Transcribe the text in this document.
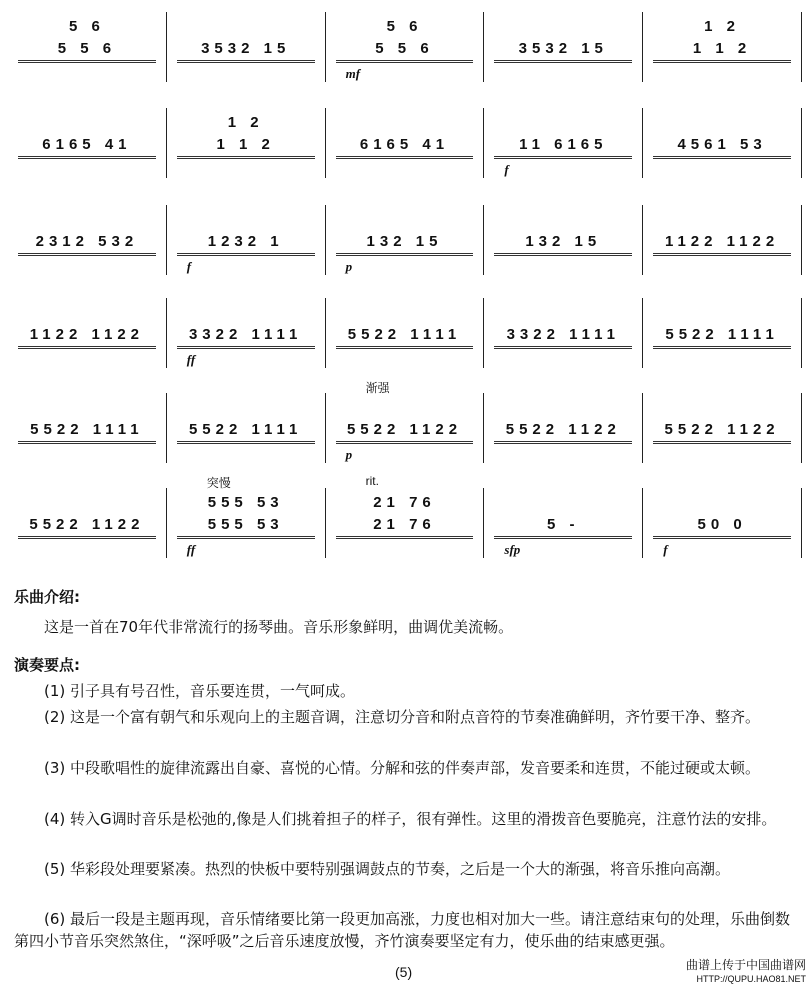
5 6
5 5 6	3532 15
5 6
5 5 6
mf
3532 15
1 2
1 1 2
6165 41
1 2
1 1 2	6165 41	11 6165
f
4561 53
2312 532	1232 1
f
132 15
p
132 15	1122 1122
1122 1122	3322 1111
ff
5522 1111	3322 1111	5522 1111
5522 1111	5522 1111	5522 1122
p
渐强
5522 1122	5522 1122
5522 1122
555 53
555 53
ff
突慢
21 76
21 76
rit.
5 -
sfp
50 0
f
乐曲介绍:
这是一首在70年代非常流行的扬琴曲。音乐形象鲜明，曲调优美流畅。
演奏要点:
(1) 引子具有号召性，音乐要连贯，一气呵成。
(2) 这是一个富有朝气和乐观向上的主题音调，注意切分音和附点音符的节奏准确鲜明，齐竹要干净、整齐。
(3) 中段歌唱性的旋律流露出自豪、喜悦的心情。分解和弦的伴奏声部，发音要柔和连贯，不能过硬或太顿。
(4) 转入G调时音乐是松弛的,像是人们挑着担子的样子，很有弹性。这里的滑拨音色要脆亮，注意竹法的安排。
(5) 华彩段处理要紧凑。热烈的快板中要特别强调鼓点的节奏，之后是一个大的渐强，将音乐推向高潮。
(6) 最后一段是主题再现，音乐情绪要比第一段更加高涨，力度也相对加大一些。请注意结束句的处理，乐曲倒数第四小节音乐突然煞住，“深呼吸”之后音乐速度放慢，齐竹演奏要坚定有力，使乐曲的结束感更强。
(5)	曲谱上传于中国曲谱网
HTTP://QUPU.HAO81.NET
